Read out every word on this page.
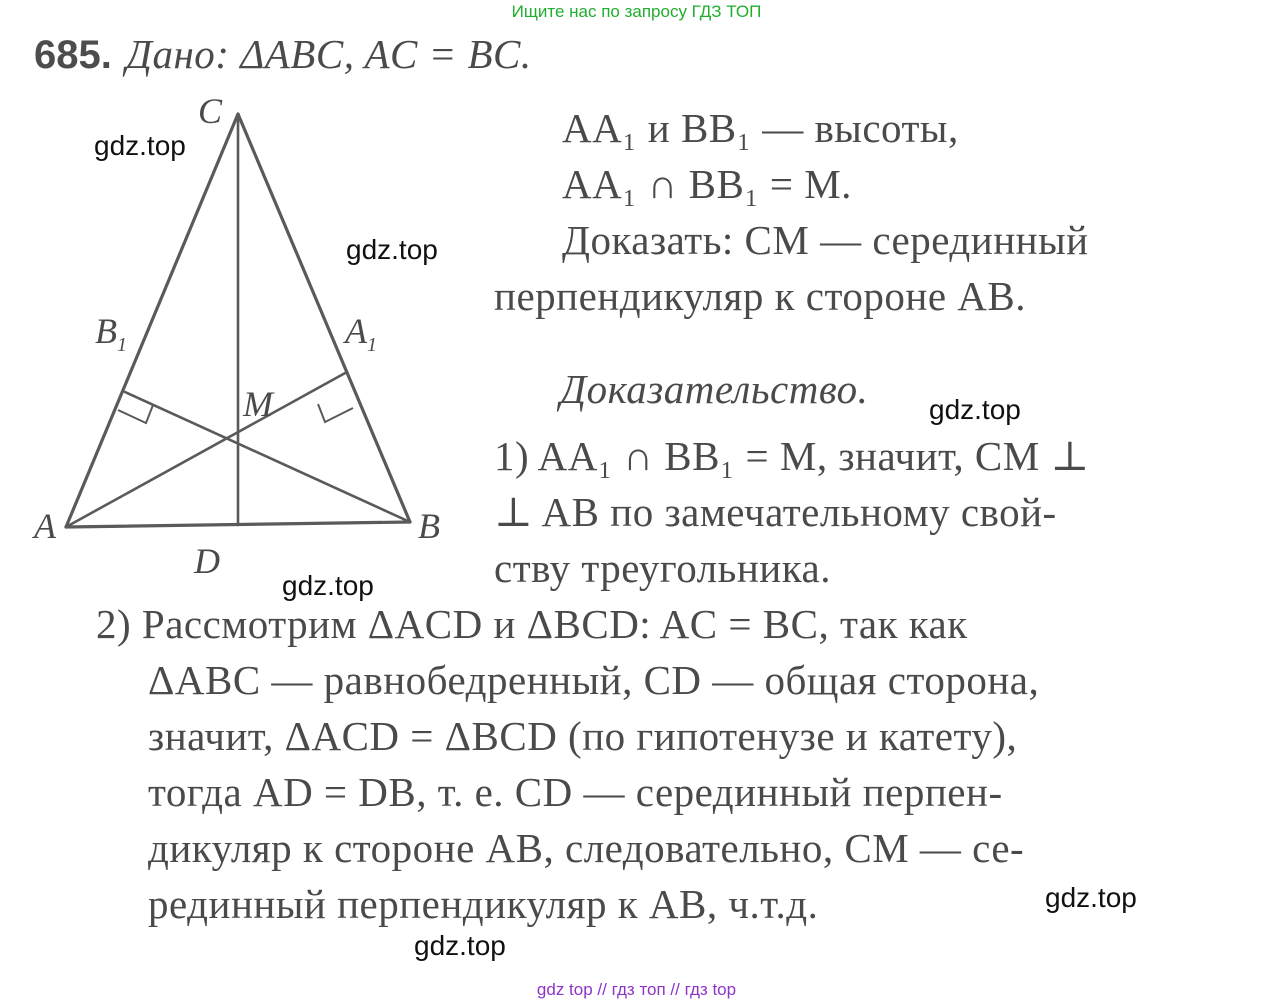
Ищите нас по запросу ГДЗ ТОП
gdz top // гдз топ // гдз top
685. Дано: ΔABC, AC = BC.
C
A	B
D
M
$B_1$	$A_1$
AA₁ и BB₁ — высоты,
AA₁ ∩ BB₁ = M.
Доказать: CM — серединный
перпендикуляр к стороне AB.
Доказательство.
1) AA₁ ∩ BB₁ = M, значит, CM ⊥
⊥ AB по замечательному свой-
ству треугольника.
2) Рассмотрим ΔACD и ΔBCD: AC = BC, так как
ΔABC — равнобедренный, CD — общая сторона,
значит, ΔACD = ΔBCD (по гипотенузе и катету),
тогда AD = DB, т. е. CD — серединный перпен-
дикуляр к стороне AB, следовательно, CM — се-
рединный перпендикуляр к AB, ч.т.д.
gdz.top
gdz.top
gdz.top
gdz.top
gdz.top
gdz.top
